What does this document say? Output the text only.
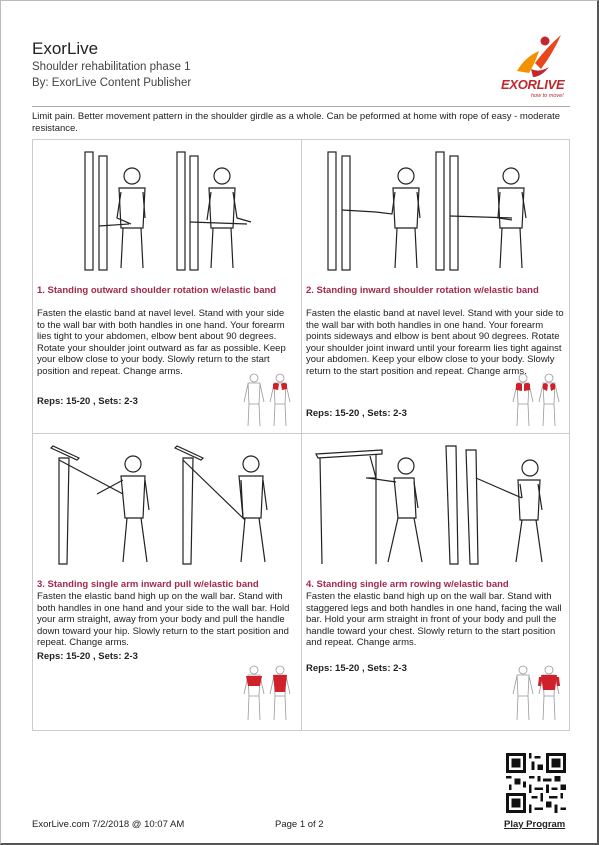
ExorLive
Shoulder rehabilitation phase 1
By: ExorLive Content Publisher	EXORLIVE
how to move!
Limit pain. Better movement pattern in the shoulder girdle as a whole. Can be peformed at home with rope of easy - moderate resistance.
1. Standing outward shoulder rotation w/elastic band
Fasten the elastic band at navel level. Stand with your side to the wall bar with both handles in one hand. Your forearm lies tight to your abdomen, elbow bent about 90 degrees. Rotate your shoulder joint outward as far as possible. Keep your elbow close to your body. Slowly return to the start position and repeat. Change arms.
Reps: 15-20 , Sets: 2-3
2. Standing inward shoulder rotation w/elastic band
Fasten the elastic band at navel level. Stand with your side to the wall bar with both handles in one hand. Your forearm points sideways and elbow is bent about 90 degrees. Rotate your shoulder joint inward until your forearm lies tight against your abdomen. Keep your elbow close to your body. Slowly return to the start position and repeat. Change arms.
Reps: 15-20 , Sets: 2-3
3. Standing single arm inward pull w/elastic band
Fasten the elastic band high up on the wall bar. Stand with both handles in one hand and your side to the wall bar. Hold your arm straight, away from your body and pull the handle down toward your hip. Slowly return to the start position and repeat. Change arms.
Reps: 15-20 , Sets: 2-3
4. Standing single arm rowing w/elastic band
Fasten the elastic band high up on the wall bar. Stand with staggered legs and both handles in one hand, facing the wall bar. Hold your arm straight in front of your body and pull the handle toward your chest. Slowly return to the start position and repeat. Change arms.
Reps: 15-20 , Sets: 2-3
ExorLive.com 7/2/2018 @ 10:07 AM	Page 1 of 2	Play Program
